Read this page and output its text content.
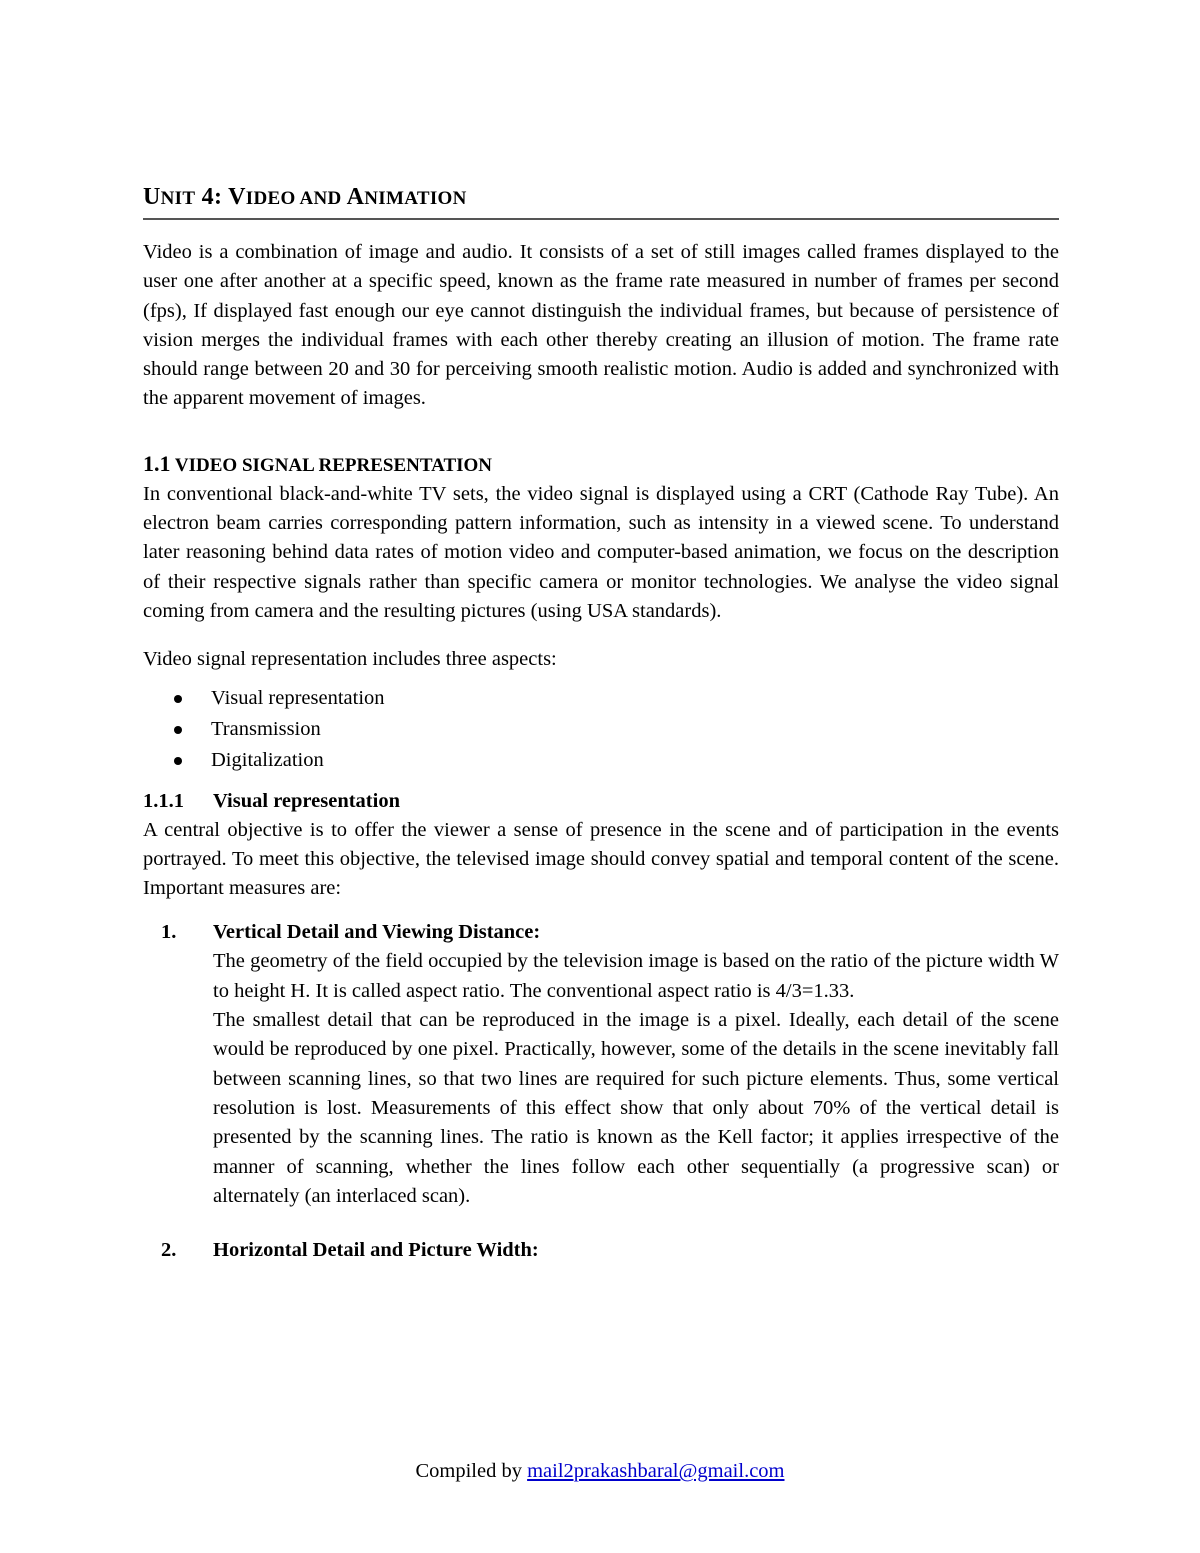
UNIT 4: VIDEO AND ANIMATION

Video is a combination of image and audio. It consists of a set of still images called frames displayed to the user one after another at a specific speed, known as the frame rate measured in number of frames per second (fps), If displayed fast enough our eye cannot distinguish the individual frames, but because of persistence of vision merges the individual frames with each other thereby creating an illusion of motion. The frame rate should range between 20 and 30 for perceiving smooth realistic motion. Audio is added and synchronized with the apparent movement of images.

1.1 VIDEO SIGNAL REPRESENTATION

In conventional black-and-white TV sets, the video signal is displayed using a CRT (Cathode Ray Tube). An electron beam carries corresponding pattern information, such as intensity in a viewed scene. To understand later reasoning behind data rates of motion video and computer-based animation, we focus on the description of their respective signals rather than specific camera or monitor technologies. We analyse the video signal coming from camera and the resulting pictures (using USA standards).

Video signal representation includes three aspects:

Visual representation
Transmission
Digitalization
1.1.1 Visual representation

A central objective is to offer the viewer a sense of presence in the scene and of participation in the events portrayed. To meet this objective, the televised image should convey spatial and temporal content of the scene. Important measures are:

1. Vertical Detail and Viewing Distance:

The geometry of the field occupied by the television image is based on the ratio of the picture width W to height H. It is called aspect ratio. The conventional aspect ratio is 4/3=1.33.

The smallest detail that can be reproduced in the image is a pixel. Ideally, each detail of the scene would be reproduced by one pixel. Practically, however, some of the details in the scene inevitably fall between scanning lines, so that two lines are required for such picture elements. Thus, some vertical resolution is lost. Measurements of this effect show that only about 70% of the vertical detail is presented by the scanning lines. The ratio is known as the Kell factor; it applies irrespective of the manner of scanning, whether the lines follow each other sequentially (a progressive scan) or alternately (an interlaced scan).

2. Horizontal Detail and Picture Width:

Compiled by mail2prakashbaral@gmail.com
